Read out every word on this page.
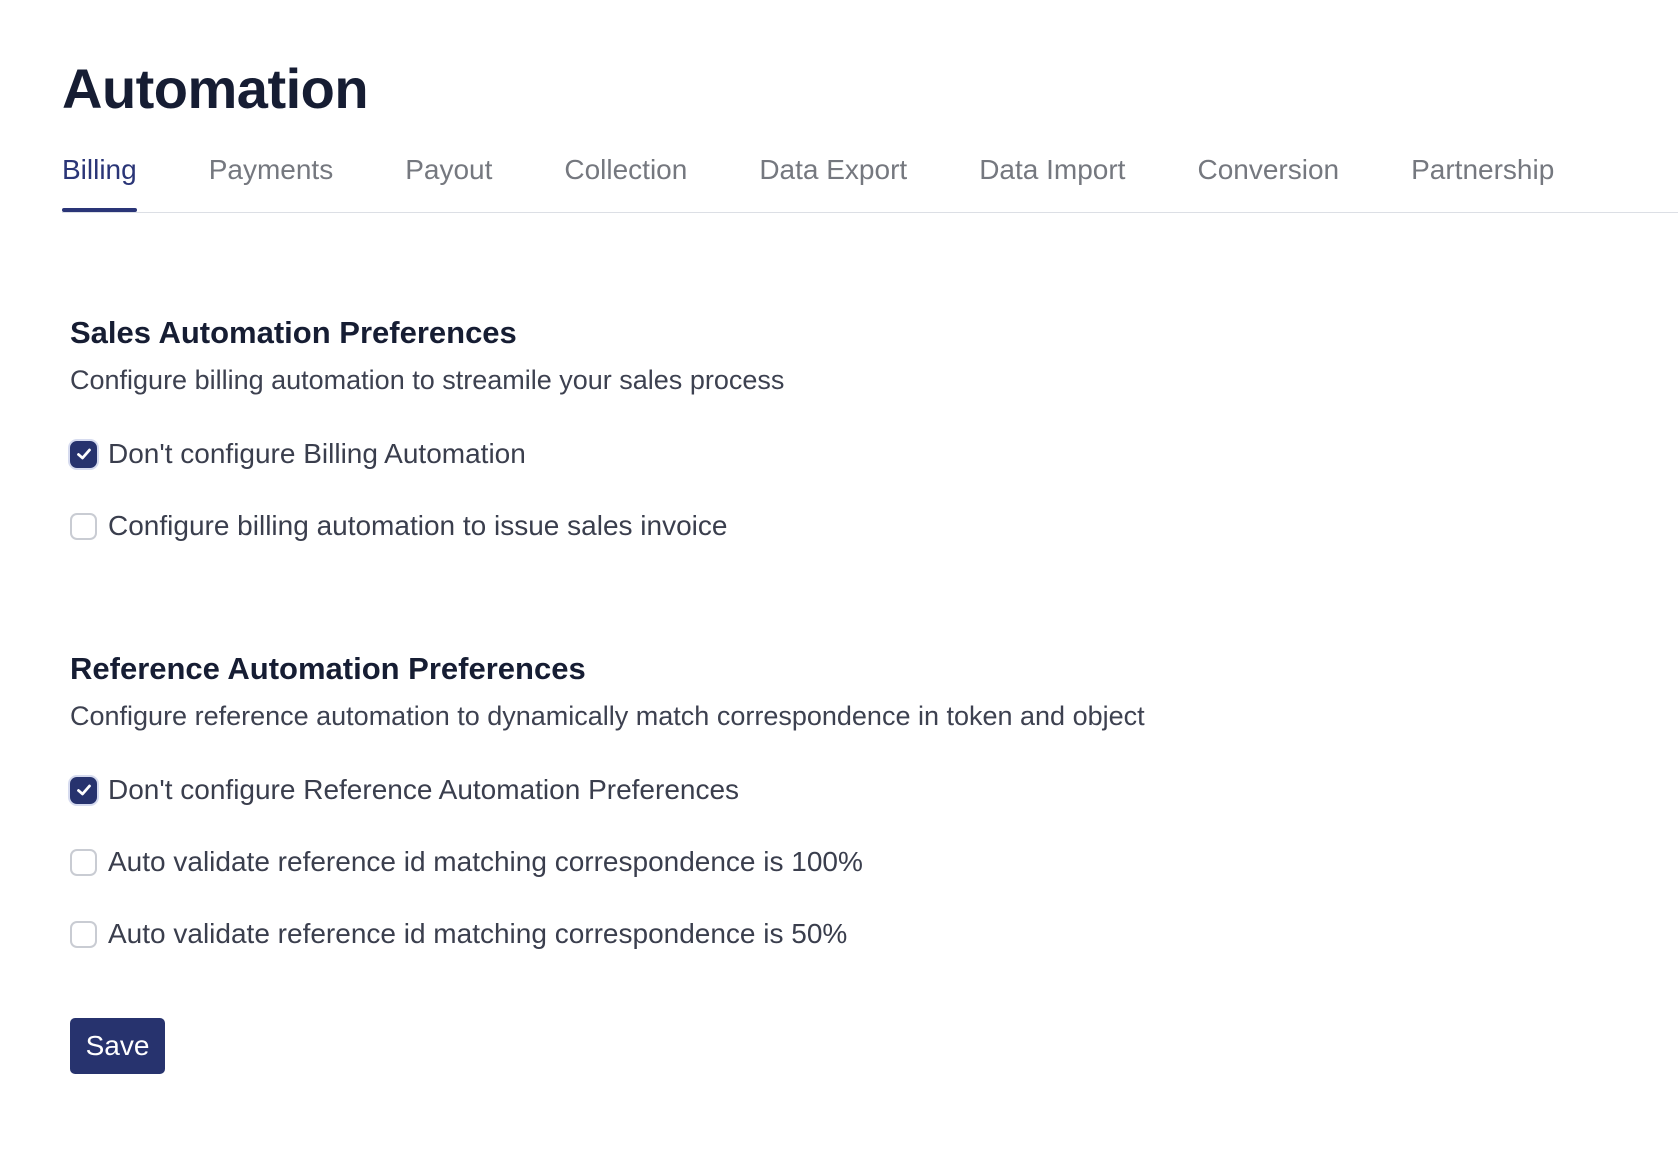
Automation
Billing	Payments	Payout	Collection	Data Export	Data Import	Conversion	Partnership
Sales Automation Preferences

Configure billing automation to streamile your sales process

Don't configure Billing Automation
Configure billing automation to issue sales invoice
Reference Automation Preferences

Configure reference automation to dynamically match correspondence in token and object

Don't configure Reference Automation Preferences
Auto validate reference id matching correspondence is 100%
Auto validate reference id matching correspondence is 50%
Save
